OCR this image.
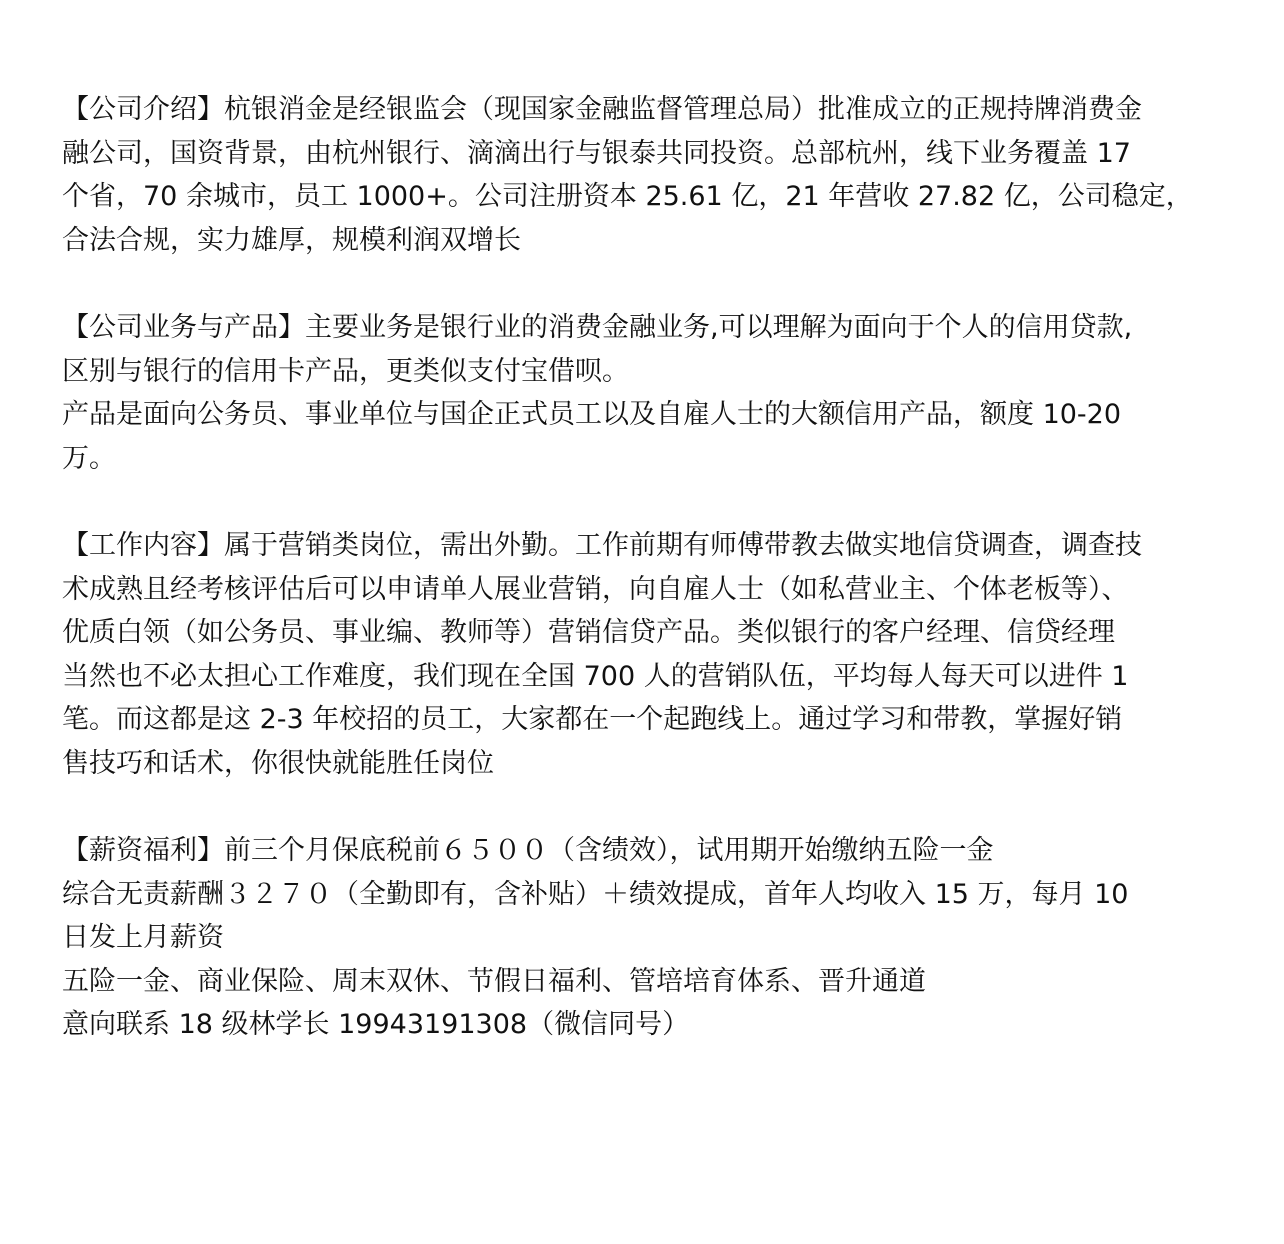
【公司介绍】杭银消金是经银监会（现国家金融监督管理总局）批准成立的正规持牌消费金
融公司，国资背景，由杭州银行、滴滴出行与银泰共同投资。总部杭州，线下业务覆盖 17
个省，70 余城市，员工 1000+。公司注册资本 25.61 亿，21 年营收 27.82 亿，公司稳定，
合法合规，实力雄厚，规模利润双增长
【公司业务与产品】主要业务是银行业的消费金融业务,可以理解为面向于个人的信用贷款,
区别与银行的信用卡产品，更类似支付宝借呗。
产品是面向公务员、事业单位与国企正式员工以及自雇人士的大额信用产品，额度 10-20
万。
【工作内容】属于营销类岗位，需出外勤。工作前期有师傅带教去做实地信贷调查，调查技
术成熟且经考核评估后可以申请单人展业营销，向自雇人士（如私营业主、个体老板等）、
优质白领（如公务员、事业编、教师等）营销信贷产品。类似银行的客户经理、信贷经理
当然也不必太担心工作难度，我们现在全国 700 人的营销队伍，平均每人每天可以进件 1
笔。而这都是这 2-3 年校招的员工，大家都在一个起跑线上。通过学习和带教，掌握好销
售技巧和话术，你很快就能胜任岗位
【薪资福利】前三个月保底税前６５００（含绩效），试用期开始缴纳五险一金
综合无责薪酬３２７０（全勤即有，含补贴）＋绩效提成，首年人均收入 15 万，每月 10
日发上月薪资
五险一金、商业保险、周末双休、节假日福利、管培培育体系、晋升通道
意向联系 18 级林学长 19943191308（微信同号）
